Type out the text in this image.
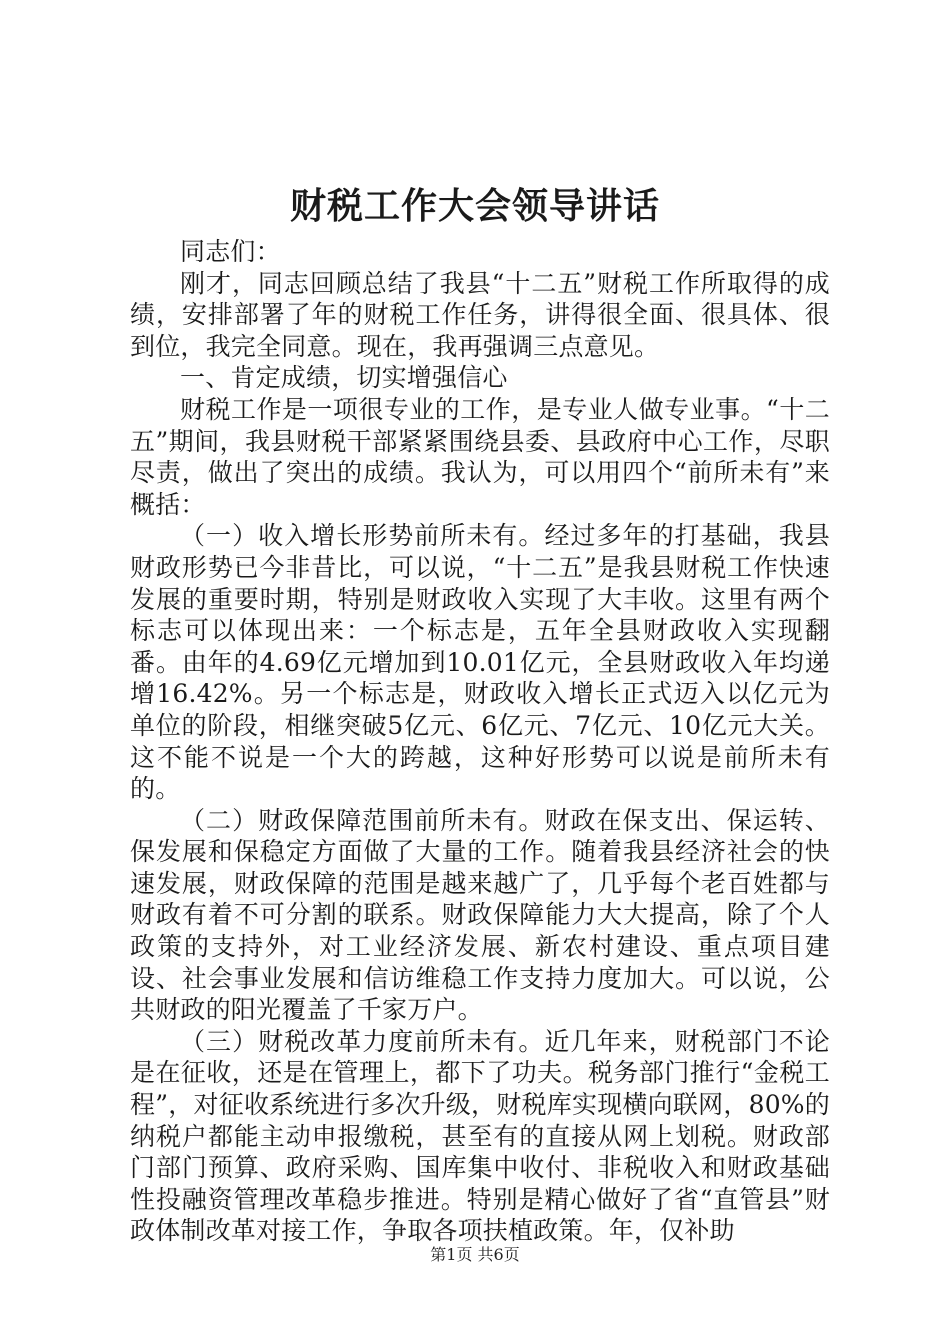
财税工作大会领导讲话

同志们：

刚才，同志回顾总结了我县“十二五”财税工作所取得的成绩，安排部署了年的财税工作任务，讲得很全面、很具体、很到位，我完全同意。现在，我再强调三点意见。

一、肯定成绩，切实增强信心

财税工作是一项很专业的工作，是专业人做专业事。“十二五”期间，我县财税干部紧紧围绕县委、县政府中心工作，尽职尽责，做出了突出的成绩。我认为，可以用四个“前所未有”来概括：

（一）收入增长形势前所未有。经过多年的打基础，我县财政形势已今非昔比，可以说，“十二五”是我县财税工作快速发展的重要时期，特别是财政收入实现了大丰收。这里有两个标志可以体现出来：一个标志是，五年全县财政收入实现翻番。由年的4.69亿元增加到10.01亿元，全县财政收入年均递增16.42%。另一个标志是，财政收入增长正式迈入以亿元为单位的阶段，相继突破5亿元、6亿元、7亿元、10亿元大关。这不能不说是一个大的跨越，这种好形势可以说是前所未有的。

（二）财政保障范围前所未有。财政在保支出、保运转、保发展和保稳定方面做了大量的工作。随着我县经济社会的快速发展，财政保障的范围是越来越广了，几乎每个老百姓都与财政有着不可分割的联系。财政保障能力大大提高，除了个人政策的支持外，对工业经济发展、新农村建设、重点项目建设、社会事业发展和信访维稳工作支持力度加大。可以说，公共财政的阳光覆盖了千家万户。

（三）财税改革力度前所未有。近几年来，财税部门不论是在征收，还是在管理上，都下了功夫。税务部门推行“金税工程”，对征收系统进行多次升级，财税库实现横向联网，80%的纳税户都能主动申报缴税，甚至有的直接从网上划税。财政部门部门预算、政府采购、国库集中收付、非税收入和财政基础性投融资管理改革稳步推进。特别是精心做好了省“直管县”财政体制改革对接工作，争取各项扶植政策。年，仅补助

第1页 共6页
